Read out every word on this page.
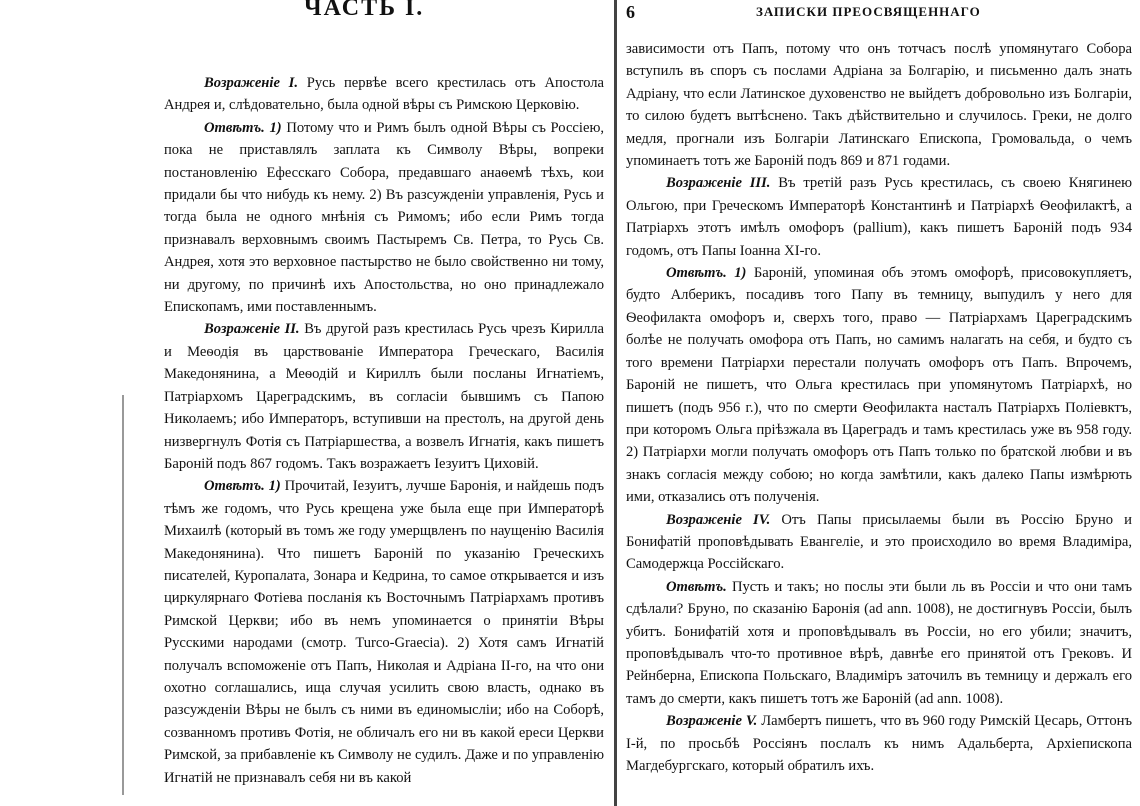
ЧАСТЬ I.

Возраженіе I. Русь первѣе всего крестилась отъ Апостола Андрея и, слѣдовательно, была одной вѣры съ Римскою Церковію.

Отвѣтъ. 1) Потому что и Римъ былъ одной Вѣры съ Россіею, пока не приставлялъ заплата къ Символу Вѣры, вопреки постановленію Ефесскаго Собора, предавшаго анаѳемѣ тѣхъ, кои придали бы что нибудь къ нему. 2) Въ разсужденіи управленія, Русь и тогда была не одного мнѣнія съ Римомъ; ибо если Римъ тогда признавалъ верховнымъ своимъ Пастыремъ Св. Петра, то Русь Св. Андрея, хотя это верховное пастырство не было свойственно ни тому, ни другому, по причинѣ ихъ Апостольства, но оно принадлежало Епископамъ, ими поставленнымъ.

Возраженіе II. Въ другой разъ крестилась Русь чрезъ Кирилла и Меѳодія въ царствованіе Императора Греческаго, Василія Македонянина, а Меѳодій и Кириллъ были посланы Игнатіемъ, Патріархомъ Цареградскимъ, въ согласіи бывшимъ съ Папою Николаемъ; ибо Императоръ, вступивши на престолъ, на другой день низвергнулъ Фотія съ Патріаршества, а возвелъ Игнатія, какъ пишетъ Бароній подъ 867 годомъ. Такъ возражаетъ Іезуитъ Циховій.

Отвѣтъ. 1) Прочитай, Іезуитъ, лучше Баронія, и найдешь подъ тѣмъ же годомъ, что Русь крещена уже была еще при Императорѣ Михаилѣ (который въ томъ же году умерщвленъ по наущенію Василія Македонянина). Что пишетъ Бароній по указанію Греческихъ писателей, Куропалата, Зонара и Кедрина, то самое открывается и изъ циркулярнаго Фотіева посланія къ Восточнымъ Патріархамъ противъ Римской Церкви; ибо въ немъ упоминается о принятіи Вѣры Русскими народами (смотр. Turco-Graecia). 2) Хотя самъ Игнатій получалъ вспоможеніе отъ Папъ, Николая и Адріана II-го, на что они охотно соглашались, ища случая усилить свою власть, однако въ разсужденіи Вѣры не былъ съ ними въ единомысліи; ибо на Соборѣ, созванномъ противъ Фотія, не обличалъ его ни въ какой ереси Церкви Римской, за прибавленіе къ Символу не судилъ. Даже и по управленію Игнатій не признавалъ себя ни въ какой

6	ЗАПИСКИ ПРЕОСВЯЩЕННАГО

зависимости отъ Папъ, потому что онъ тотчасъ послѣ упомянутаго Собора вступилъ въ споръ съ послами Адріана за Болгарію, и письменно далъ знать Адріану, что если Латинское духовенство не выйдетъ добровольно изъ Болгаріи, то силою будетъ вытѣснено. Такъ дѣйствительно и случилось. Греки, не долго медля, прогнали изъ Болгаріи Латинскаго Епископа, Громовальда, о чемъ упоминаетъ тотъ же Бароній подъ 869 и 871 годами.

Возраженіе III. Въ третій разъ Русь крестилась, съ своею Княгинею Ольгою, при Греческомъ Императорѣ Константинѣ и Патріархѣ Ѳеофилактѣ, а Патріархъ этотъ имѣлъ омофоръ (pallium), какъ пишетъ Бароній подъ 934 годомъ, отъ Папы Іоанна XI-го.

Отвѣтъ. 1) Бароній, упоминая объ этомъ омофорѣ, присовокупляетъ, будто Алберикъ, посадивъ того Папу въ темницу, выпудилъ у него для Ѳеофилакта омофоръ и, сверхъ того, право — Патріархамъ Цареградскимъ болѣе не получать омофора отъ Папъ, но самимъ налагать на себя, и будто съ того времени Патріархи перестали получать омофоръ отъ Папъ. Впрочемъ, Бароній не пишетъ, что Ольга крестилась при упомянутомъ Патріархѣ, но пишетъ (подъ 956 г.), что по смерти Ѳеофилакта насталъ Патріархъ Поліевктъ, при которомъ Ольга пріѣзжала въ Цареградъ и тамъ крестилась уже въ 958 году. 2) Патріархи могли получать омофоръ отъ Папъ только по братской любви и въ знакъ согласія между собою; но когда замѣтили, какъ далеко Папы измѣрють ими, отказались отъ полученія.

Возраженіе IV. Отъ Папы присылаемы были въ Россію Бруно и Бонифатій проповѣдывать Евангеліе, и это происходило во время Владиміра, Самодержца Россійскаго.

Отвѣтъ. Пусть и такъ; но послы эти были ль въ Россіи и что они тамъ сдѣлали? Бруно, по сказанію Баронія (ad ann. 1008), не достигнувъ Россіи, былъ убитъ. Бонифатій хотя и проповѣдывалъ въ Россіи, но его убили; значитъ, проповѣдывалъ что-то противное вѣрѣ, давнѣе его принятой отъ Грековъ. И Рейнберна, Епископа Польскаго, Владиміръ заточилъ въ темницу и держалъ его тамъ до смерти, какъ пишетъ тотъ же Бароній (ad ann. 1008).

Возраженіе V. Ламбертъ пишетъ, что въ 960 году Римскій Цесарь, Оттонъ I-й, по просьбѣ Россіянъ послалъ къ нимъ Адальберта, Архіепископа Магдебургскаго, который обратилъ ихъ.
